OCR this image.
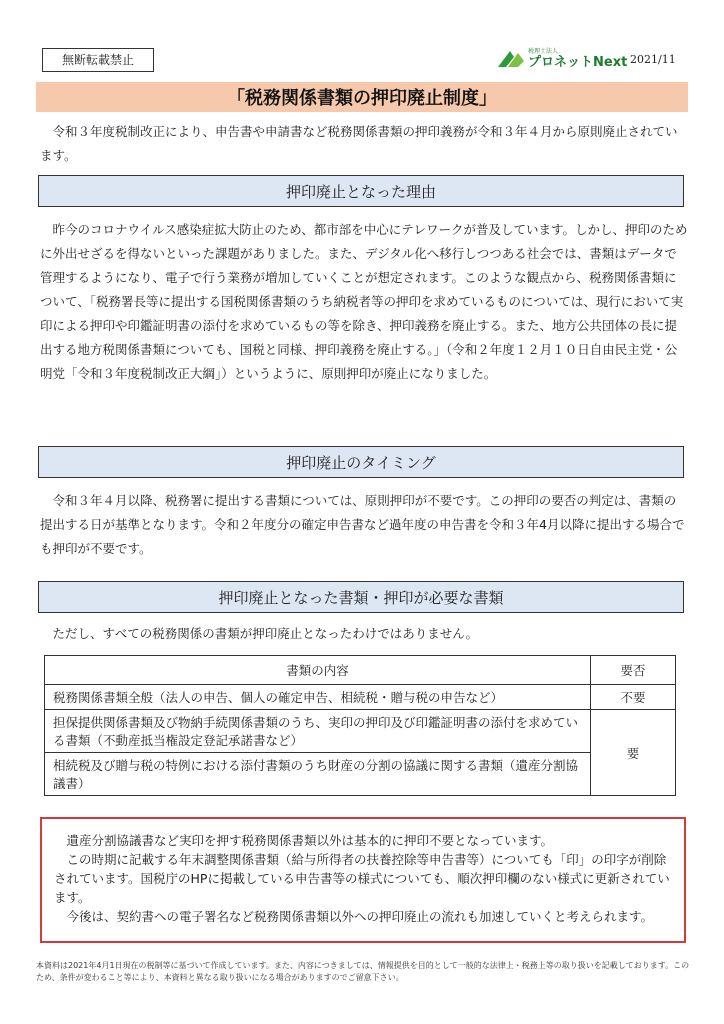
無断転載禁止
税理士法人
プロネットNext 2021/11
「税務関係書類の押印廃止制度」
　令和３年度税制改正により、申告書や申請書など税務関係書類の押印義務が令和３年４月から原則廃止されています。
押印廃止となった理由
　昨今のコロナウイルス感染症拡大防止のため、都市部を中心にテレワークが普及しています。しかし、押印のために外出せざるを得ないといった課題がありました。また、デジタル化へ移行しつつある社会では、書類はデータで管理するようになり、電子で行う業務が増加していくことが想定されます。このような観点から、税務関係書類について、「税務署長等に提出する国税関係書類のうち納税者等の押印を求めているものについては、現行において実印による押印や印鑑証明書の添付を求めているもの等を除き、押印義務を廃止する。また、地方公共団体の長に提出する地方税関係書類についても、国税と同様、押印義務を廃止する。」（令和２年度１２月１０日自由民主党・公明党「令和３年度税制改正大綱」）というように、原則押印が廃止になりました。
押印廃止のタイミング
　令和３年４月以降、税務署に提出する書類については、原則押印が不要です。この押印の要否の判定は、書類の提出する日が基準となります。令和２年度分の確定申告書など過年度の申告書を令和３年4月以降に提出する場合でも押印が不要です。
押印廃止となった書類・押印が必要な書類
　ただし、すべての税務関係の書類が押印廃止となったわけではありません。
書類の内容	要否
税務関係書類全般（法人の申告、個人の確定申告、相続税・贈与税の申告など）	不要
担保提供関係書類及び物納手続関係書類のうち、実印の押印及び印鑑証明書の添付を求めている書類（不動産抵当権設定登記承諾書など）	要
相続税及び贈与税の特例における添付書類のうち財産の分割の協議に関する書類（遺産分割協議書）	

　遺産分割協議書など実印を押す税務関係書類以外は基本的に押印不要となっています。

　この時期に記載する年末調整関係書類（給与所得者の扶養控除等申告書等）についても「印」の印字が削除されています。国税庁のHPに掲載している申告書等の様式についても、順次押印欄のない様式に更新されています。

　今後は、契約書への電子署名など税務関係書類以外への押印廃止の流れも加速していくと考えられます。

本資料は2021年4月1日現在の税制等に基づいて作成しています。また、内容につきましては、情報提供を目的として一般的な法律上・税務上等の取り扱いを記載しております。このため、条件が変わること等により、本資料と異なる取り扱いになる場合がありますのでご留意下さい。
